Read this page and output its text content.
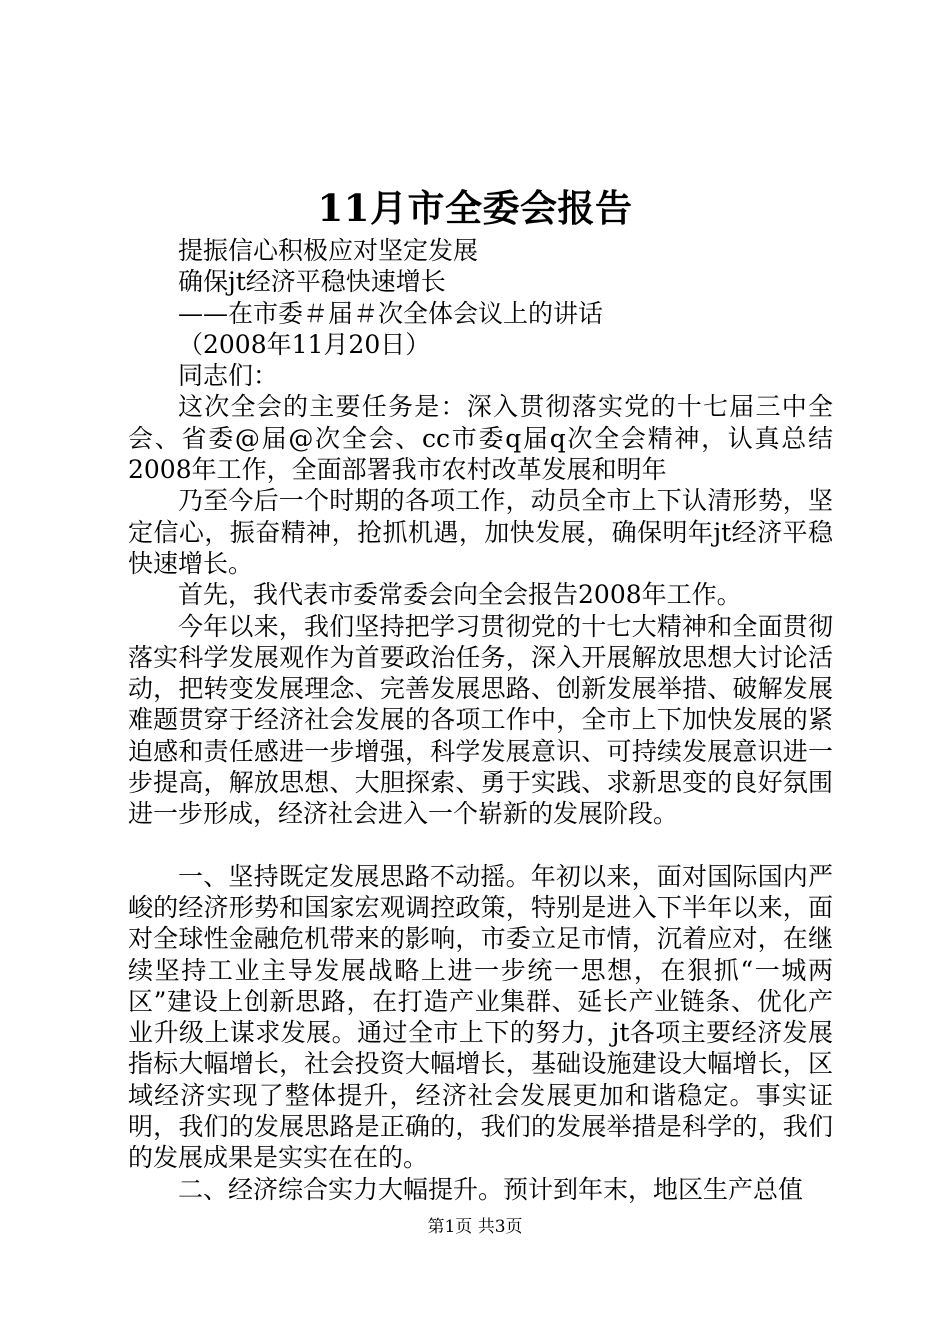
11月市全委会报告

提振信心积极应对坚定发展

确保jt经济平稳快速增长

——在市委＃届＃次全体会议上的讲话

（2008年11月20日）

同志们：

这次全会的主要任务是：深入贯彻落实党的十七届三中全会、省委@届@次全会、cc市委q届q次全会精神，认真总结2008年工作，全面部署我市农村改革发展和明年

乃至今后一个时期的各项工作，动员全市上下认清形势，坚定信心，振奋精神，抢抓机遇，加快发展，确保明年jt经济平稳快速增长。

首先，我代表市委常委会向全会报告2008年工作。

今年以来，我们坚持把学习贯彻党的十七大精神和全面贯彻落实科学发展观作为首要政治任务，深入开展解放思想大讨论活动，把转变发展理念、完善发展思路、创新发展举措、破解发展难题贯穿于经济社会发展的各项工作中，全市上下加快发展的紧迫感和责任感进一步增强，科学发展意识、可持续发展意识进一步提高，解放思想、大胆探索、勇于实践、求新思变的良好氛围进一步形成，经济社会进入一个崭新的发展阶段。

一、坚持既定发展思路不动摇。年初以来，面对国际国内严峻的经济形势和国家宏观调控政策，特别是进入下半年以来，面对全球性金融危机带来的影响，市委立足市情，沉着应对，在继续坚持工业主导发展战略上进一步统一思想，在狠抓“一城两区”建设上创新思路，在打造产业集群、延长产业链条、优化产业升级上谋求发展。通过全市上下的努力，jt各项主要经济发展指标大幅增长，社会投资大幅增长，基础设施建设大幅增长，区域经济实现了整体提升，经济社会发展更加和谐稳定。事实证明，我们的发展思路是正确的，我们的发展举措是科学的，我们的发展成果是实实在在的。

二、经济综合实力大幅提升。预计到年末，地区生产总值

第1页 共3页
